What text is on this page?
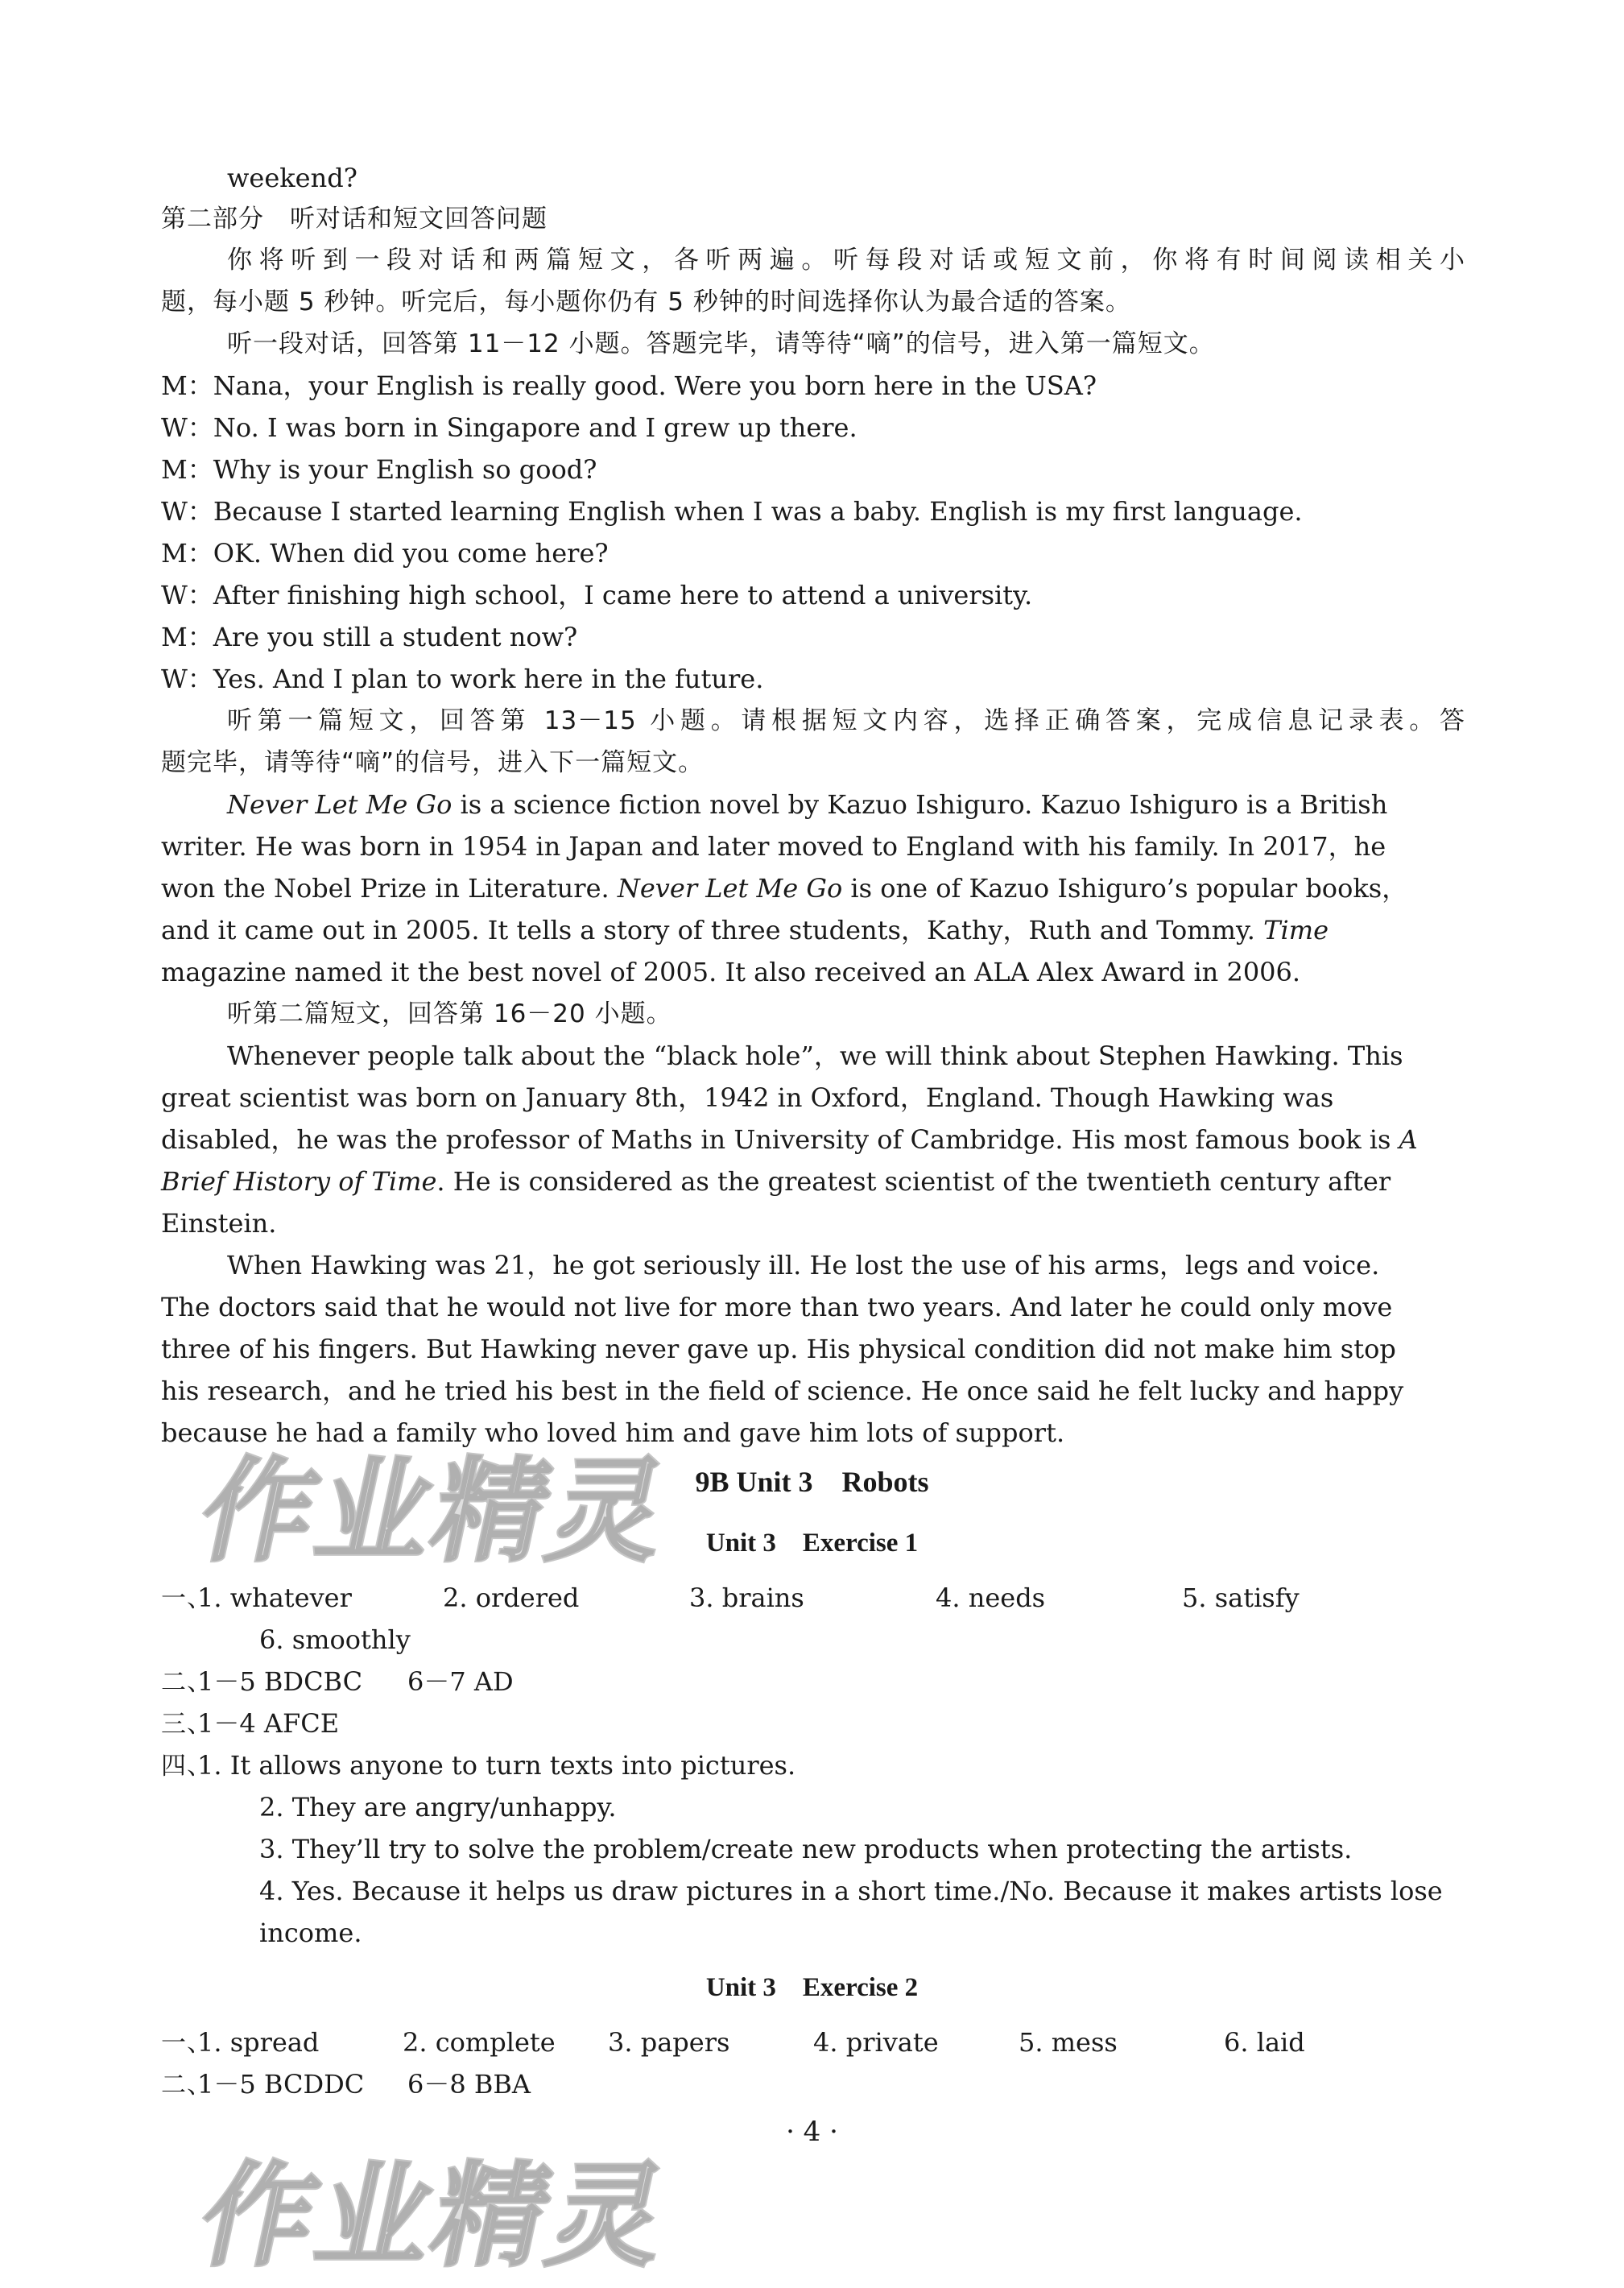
weekend?
第二部分　听对话和短文回答问题
你将听到一段对话和两篇短文，各听两遍。听每段对话或短文前，你将有时间阅读相关小
题，每小题 5 秒钟。听完后，每小题你仍有 5 秒钟的时间选择你认为最合适的答案。
听一段对话，回答第 11－12 小题。答题完毕，请等待“嘀”的信号，进入第一篇短文。
M：Nana，your English is really good. Were you born here in the USA?
W：No. I was born in Singapore and I grew up there.
M：Why is your English so good?
W：Because I started learning English when I was a baby. English is my first language.
M：OK. When did you come here?
W：After finishing high school，I came here to attend a university.
M：Are you still a student now?
W：Yes. And I plan to work here in the future.
听第一篇短文，回答第 13－15 小题。请根据短文内容，选择正确答案，完成信息记录表。答
题完毕，请等待“嘀”的信号，进入下一篇短文。
Never Let Me Go is a science fiction novel by Kazuo Ishiguro. Kazuo Ishiguro is a British
writer. He was born in 1954 in Japan and later moved to England with his family. In 2017，he
won the Nobel Prize in Literature. Never Let Me Go is one of Kazuo Ishiguro’s popular books，
and it came out in 2005. It tells a story of three students，Kathy，Ruth and Tommy. Time
magazine named it the best novel of 2005. It also received an ALA Alex Award in 2006.
听第二篇短文，回答第 16－20 小题。
Whenever people talk about the “black hole”，we will think about Stephen Hawking. This
great scientist was born on January 8th，1942 in Oxford，England. Though Hawking was
disabled，he was the professor of Maths in University of Cambridge. His most famous book is A
Brief History of Time. He is considered as the greatest scientist of the twentieth century after
Einstein.
When Hawking was 21，he got seriously ill. He lost the use of his arms，legs and voice.
The doctors said that he would not live for more than two years. And later he could only move
three of his fingers. But Hawking never gave up. His physical condition did not make him stop
his research，and he tried his best in the field of science. He once said he felt lucky and happy
because he had a family who loved him and gave him lots of support.
9B Unit 3　Robots
Unit 3　Exercise 1
一、1. whatever	2. ordered	3. brains	4. needs	5. satisfy
6. smoothly
二、1－5 BDCBC 6－7 AD
三、1－4 AFCE
四、1. It allows anyone to turn texts into pictures.
2. They are angry/unhappy.
3. They’ll try to solve the problem/create new products when protecting the artists.
4. Yes. Because it helps us draw pictures in a short time./No. Because it makes artists lose
income.
Unit 3　Exercise 2
一、1. spread	2. complete 3. papers	4. private	5. mess	6. laid
二、1－5 BCDDC 6－8 BBA
· 4 ·
作业精灵
作业精灵
